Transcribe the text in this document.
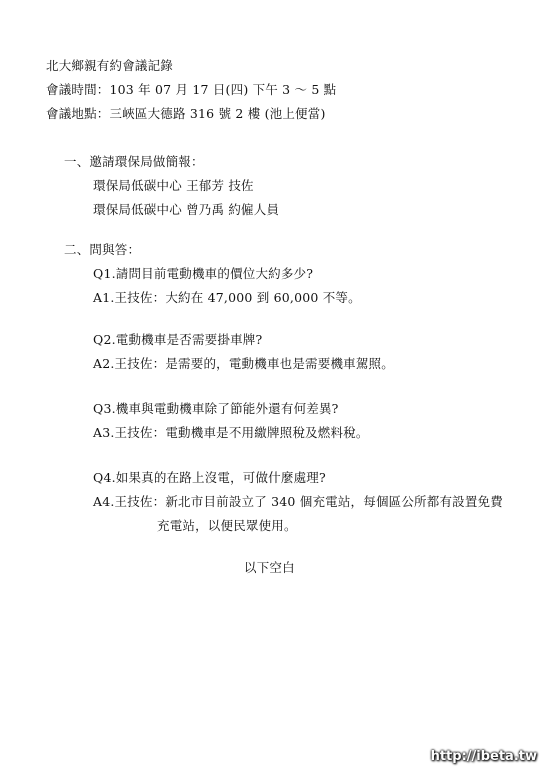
北大鄉親有約會議記錄
會議時間：103 年 07 月 17 日(四) 下午 3 ～ 5 點
會議地點：三峽區大德路 316 號 2 樓 (池上便當)
一、邀請環保局做簡報：
環保局低碳中心 王郁芳 技佐
環保局低碳中心 曾乃禹 約僱人員
二、問與答：
Q1.請問目前電動機車的價位大約多少?
A1.王技佐：大約在 47,000 到 60,000 不等。
Q2.電動機車是否需要掛車牌?
A2.王技佐：是需要的，電動機車也是需要機車駕照。
Q3.機車與電動機車除了節能外還有何差異?
A3.王技佐：電動機車是不用繳牌照稅及燃料稅。
Q4.如果真的在路上沒電，可做什麼處理?
A4.王技佐：新北市目前設立了 340 個充電站，每個區公所都有設置免費
充電站，以便民眾使用。
以下空白
http://ibeta.tw
